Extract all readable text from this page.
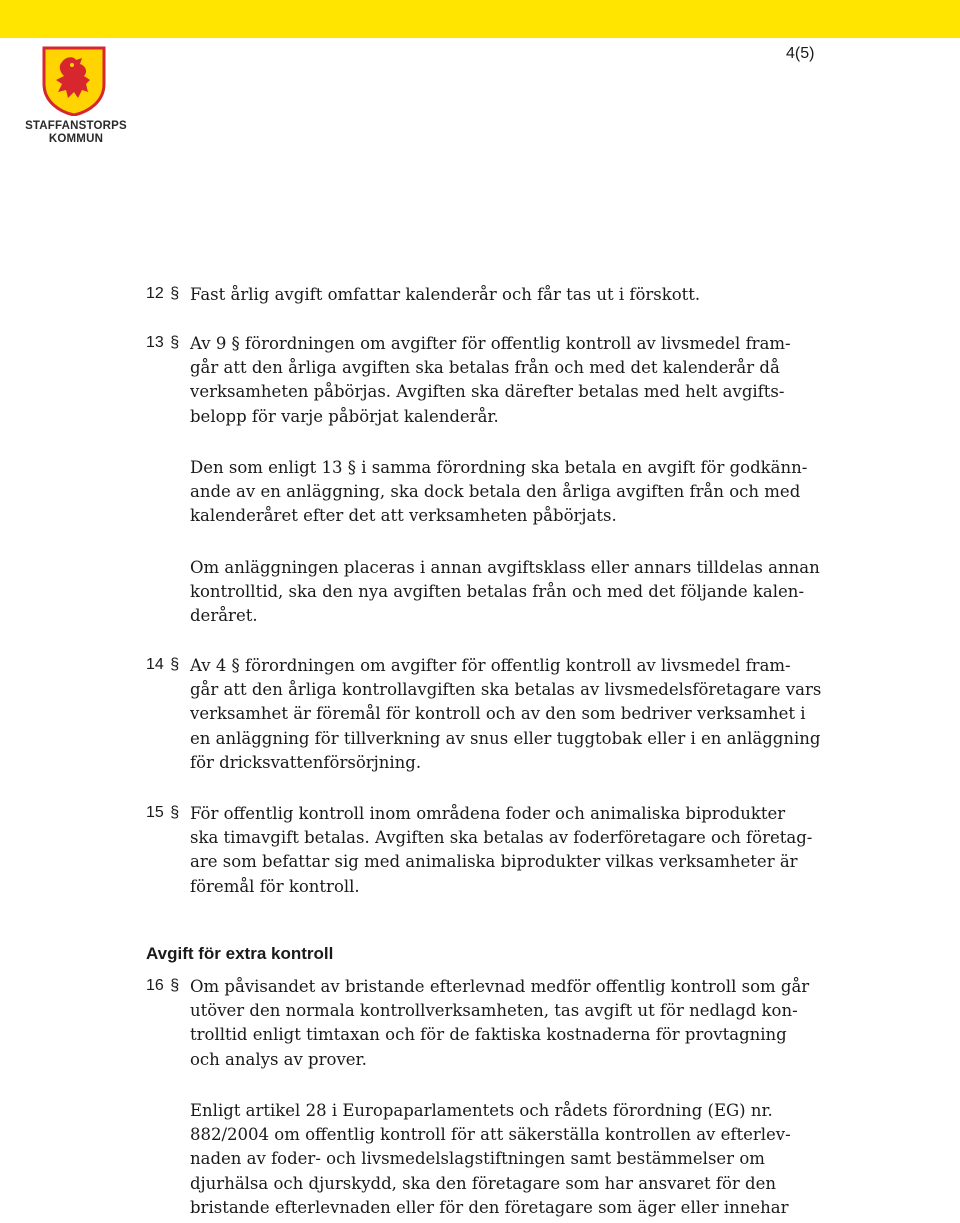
STAFFANSTORPS
KOMMUN
4(5)
12 § Fast årlig avgift omfattar kalenderår och får tas ut i förskott.
13 § Av 9 § förordningen om avgifter för offentlig kontroll av livsmedel fram-
går att den årliga avgiften ska betalas från och med det kalenderår då
verksamheten påbörjas. Avgiften ska därefter betalas med helt avgifts-
belopp för varje påbörjat kalenderår.
Den som enligt 13 § i samma förordning ska betala en avgift för godkänn-
ande av en anläggning, ska dock betala den årliga avgiften från och med
kalenderåret efter det att verksamheten påbörjats.
Om anläggningen placeras i annan avgiftsklass eller annars tilldelas annan
kontrolltid, ska den nya avgiften betalas från och med det följande kalen-
deråret.
14 § Av 4 § förordningen om avgifter för offentlig kontroll av livsmedel fram-
går att den årliga kontrollavgiften ska betalas av livsmedelsföretagare vars
verksamhet är föremål för kontroll och av den som bedriver verksamhet i
en anläggning för tillverkning av snus eller tuggtobak eller i en anläggning
för dricksvattenförsörjning.
15 § För offentlig kontroll inom områdena foder och animaliska biprodukter
ska timavgift betalas. Avgiften ska betalas av foderföretagare och företag-
are som befattar sig med animaliska biprodukter vilkas verksamheter är
föremål för kontroll.
Avgift för extra kontroll
16 § Om påvisandet av bristande efterlevnad medför offentlig kontroll som går
utöver den normala kontrollverksamheten, tas avgift ut för nedlagd kon-
trolltid enligt timtaxan och för de faktiska kostnaderna för provtagning
och analys av prover.
Enligt artikel 28 i Europaparlamentets och rådets förordning (EG) nr.
882/2004 om offentlig kontroll för att säkerställa kontrollen av efterlev-
naden av foder- och livsmedelslagstiftningen samt bestämmelser om
djurhälsa och djurskydd, ska den företagare som har ansvaret för den
bristande efterlevnaden eller för den företagare som äger eller innehar
